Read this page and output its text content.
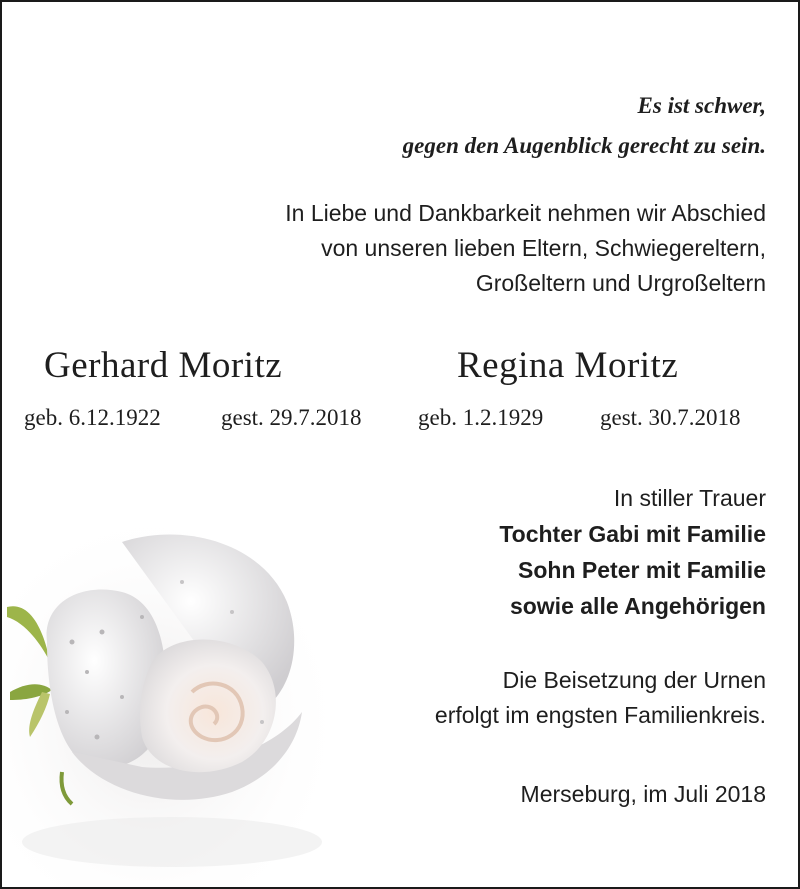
Es ist schwer,
gegen den Augenblick gerecht zu sein.
In Liebe und Dankbarkeit nehmen wir Abschied
von unseren lieben Eltern, Schwiegereltern,
Großeltern und Urgroßeltern
Gerhard Moritz	Regina Moritz
geb. 6.12.1922	gest. 29.7.2018 geb. 1.2.1929 gest. 30.7.2018
In stiller Trauer
Tochter Gabi mit Familie
Sohn Peter mit Familie
sowie alle Angehörigen
Die Beisetzung der Urnen
erfolgt im engsten Familienkreis.
Merseburg, im Juli 2018
